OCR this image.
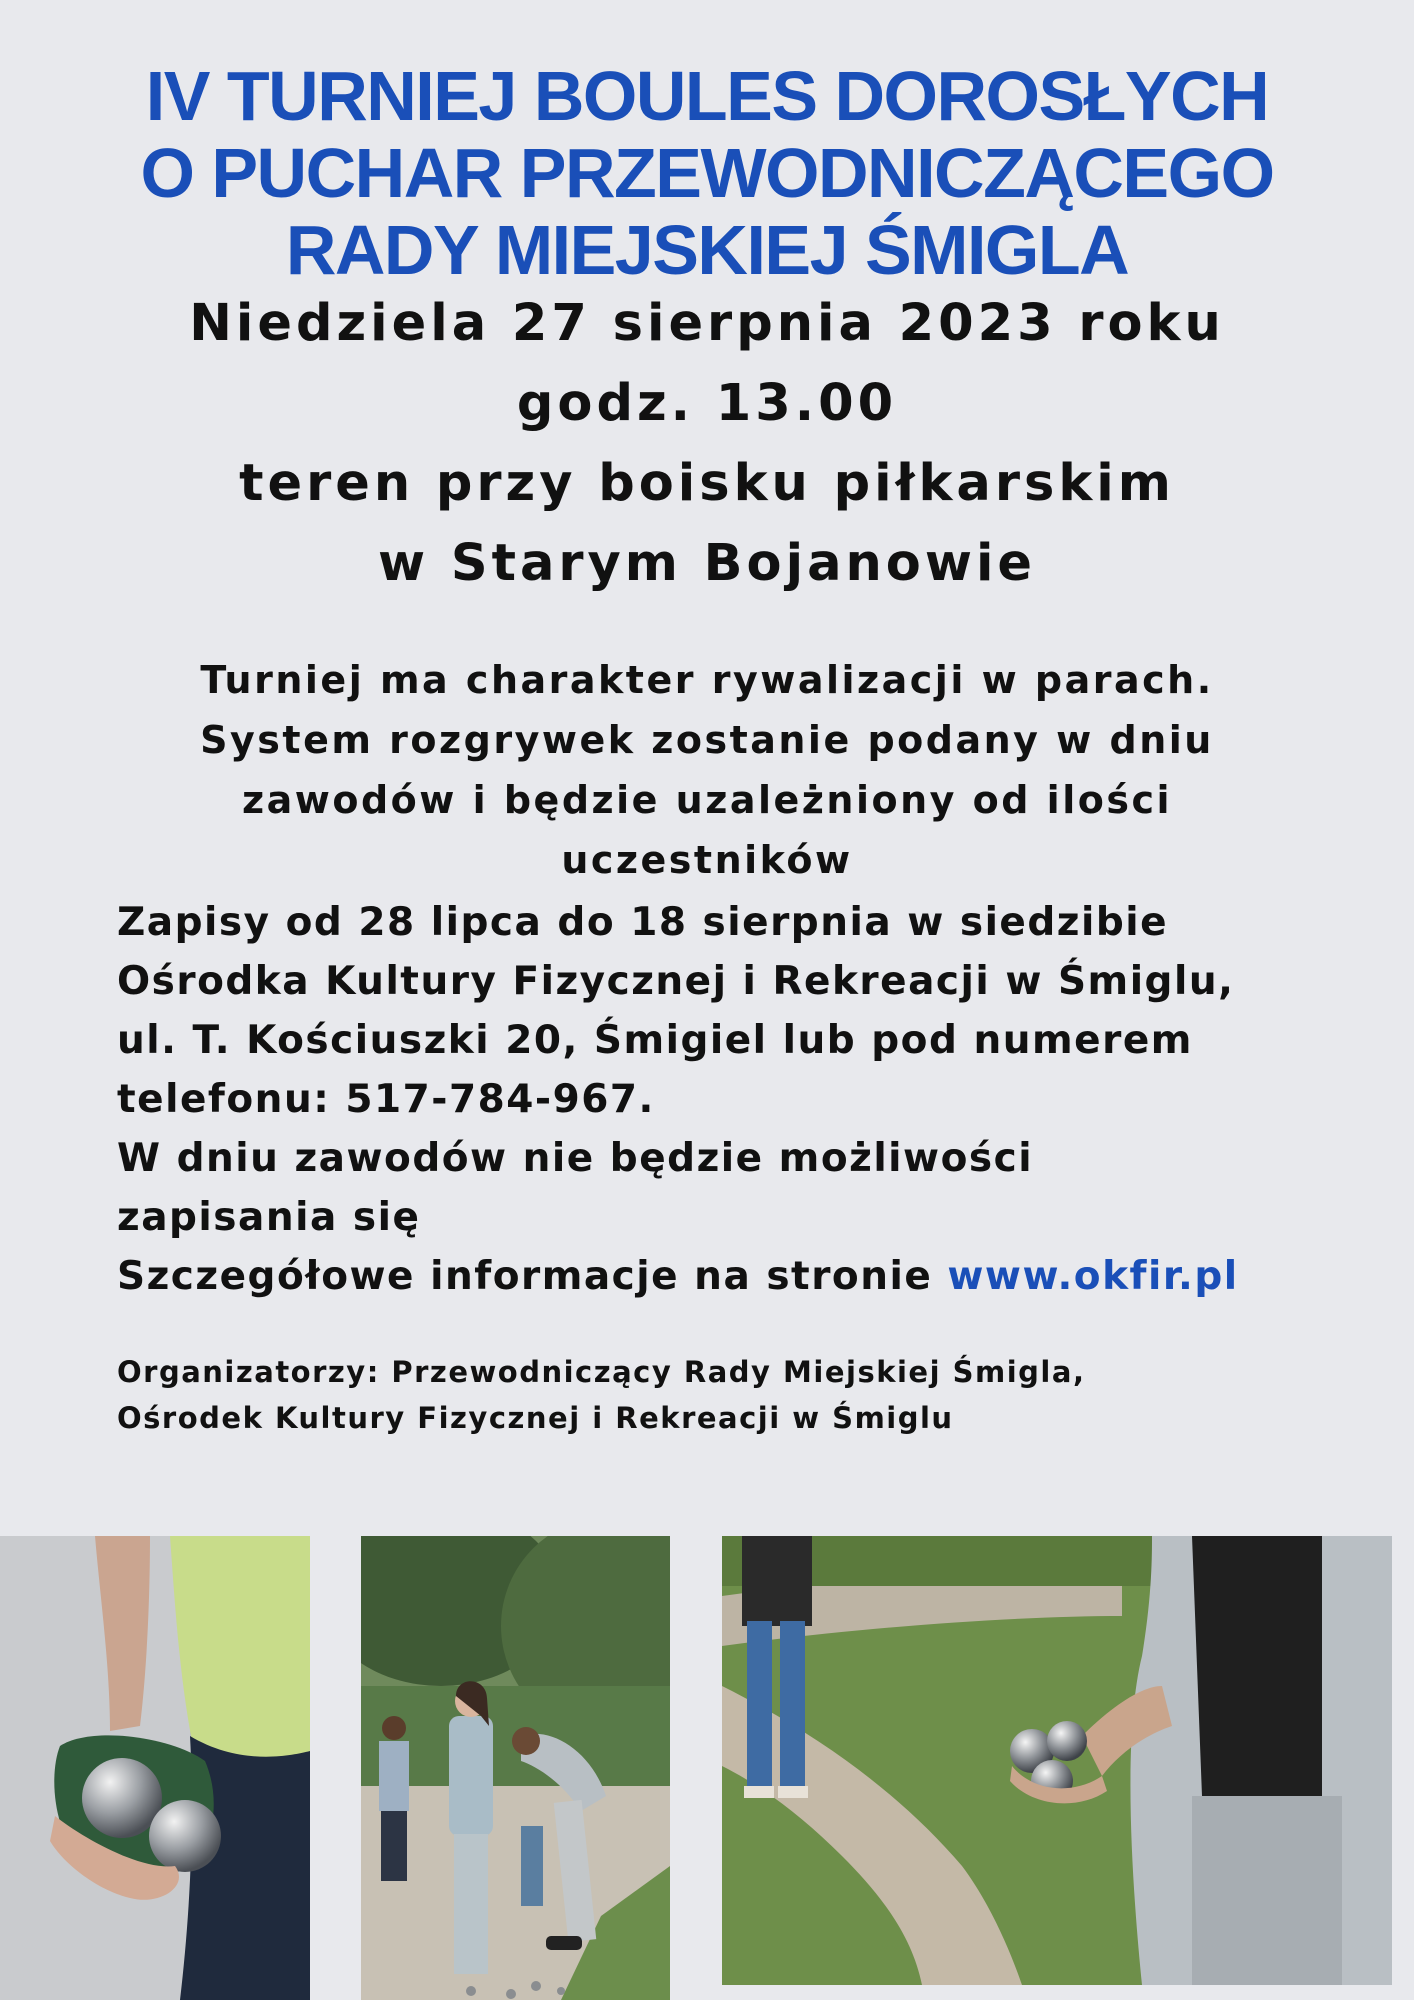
IV TURNIEJ BOULES DOROSŁYCH
O PUCHAR PRZEWODNICZĄCEGO
RADY MIEJSKIEJ ŚMIGLA
Niedziela 27 sierpnia 2023 roku
godz. 13.00
teren przy boisku piłkarskim
w Starym Bojanowie
Turniej ma charakter rywalizacji w parach.
System rozgrywek zostanie podany w dniu
zawodów i będzie uzależniony od ilości
uczestników
Zapisy od 28 lipca do 18 sierpnia w siedzibie
Ośrodka Kultury Fizycznej i Rekreacji w Śmiglu,
ul. T. Kościuszki 20, Śmigiel lub pod numerem
telefonu: 517-784-967.
W dniu zawodów nie będzie możliwości
zapisania się
Szczegółowe informacje na stronie www.okfir.pl
Organizatorzy: Przewodniczący Rady Miejskiej Śmigla,
Ośrodek Kultury Fizycznej i Rekreacji w Śmiglu
